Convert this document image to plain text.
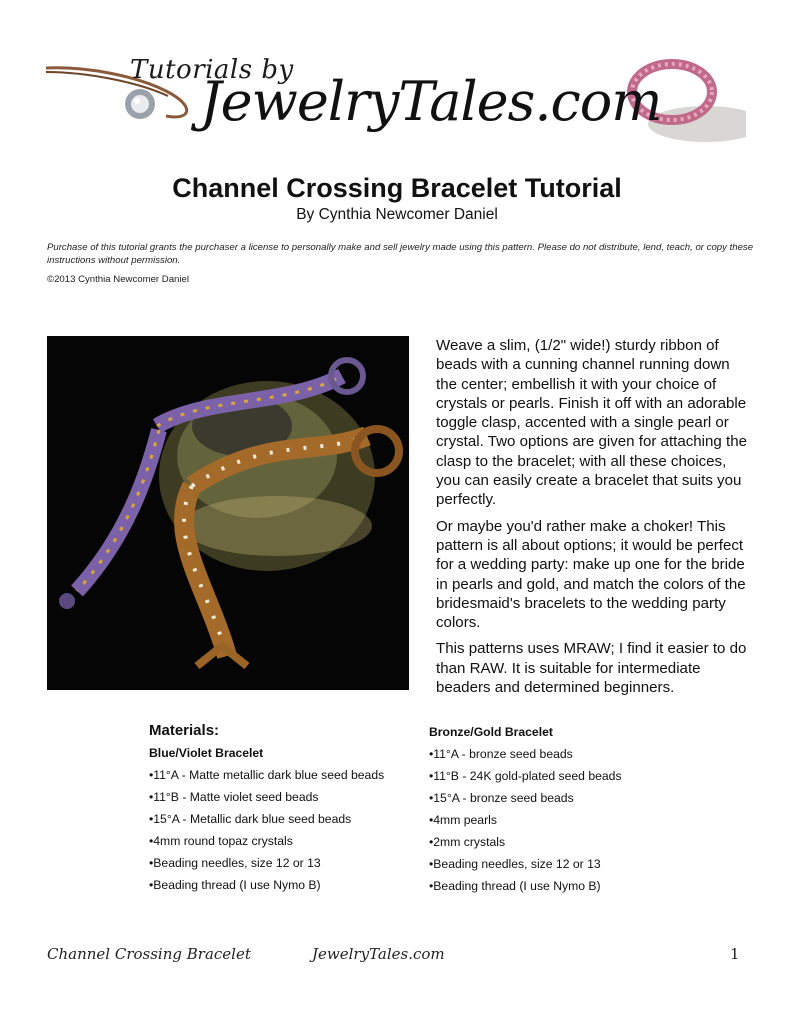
Tutorials by
JewelryTales.com
Channel Crossing Bracelet Tutorial
By Cynthia Newcomer Daniel
Purchase of this tutorial grants the purchaser a license to personally make and sell jewelry made using this pattern. Please do not distribute, lend, teach, or copy these instructions without permission.
©2013 Cynthia Newcomer Daniel

Weave a slim, (1/2" wide!) sturdy ribbon of beads with a cunning channel running down the center; embellish it with your choice of crystals or pearls. Finish it off with an adorable toggle clasp, accented with a single pearl or crystal. Two options are given for attaching the clasp to the bracelet; with all these choices, you can easily create a bracelet that suits you perfectly.

Or maybe you'd rather make a choker! This pattern is all about options; it would be perfect for a wedding party: make up one for the bride in pearls and gold, and match the colors of the bridesmaid's bracelets to the wedding party colors.

This patterns uses MRAW; I find it easier to do than RAW. It is suitable for intermediate beaders and determined beginners.

Materials:
Blue/Violet Bracelet
•11°A - Matte metallic dark blue seed beads
•11°B - Matte violet seed beads
•15°A - Metallic dark blue seed beads
•4mm round topaz crystals
•Beading needles, size 12 or 13
•Beading thread (I use Nymo B)
Bronze/Gold Bracelet
•11°A - bronze seed beads
•11°B - 24K gold-plated seed beads
•15°A - bronze seed beads
•4mm pearls
•2mm crystals
•Beading needles, size 12 or 13
•Beading thread (I use Nymo B)
Channel Crossing Bracelet	JewelryTales.com	1
